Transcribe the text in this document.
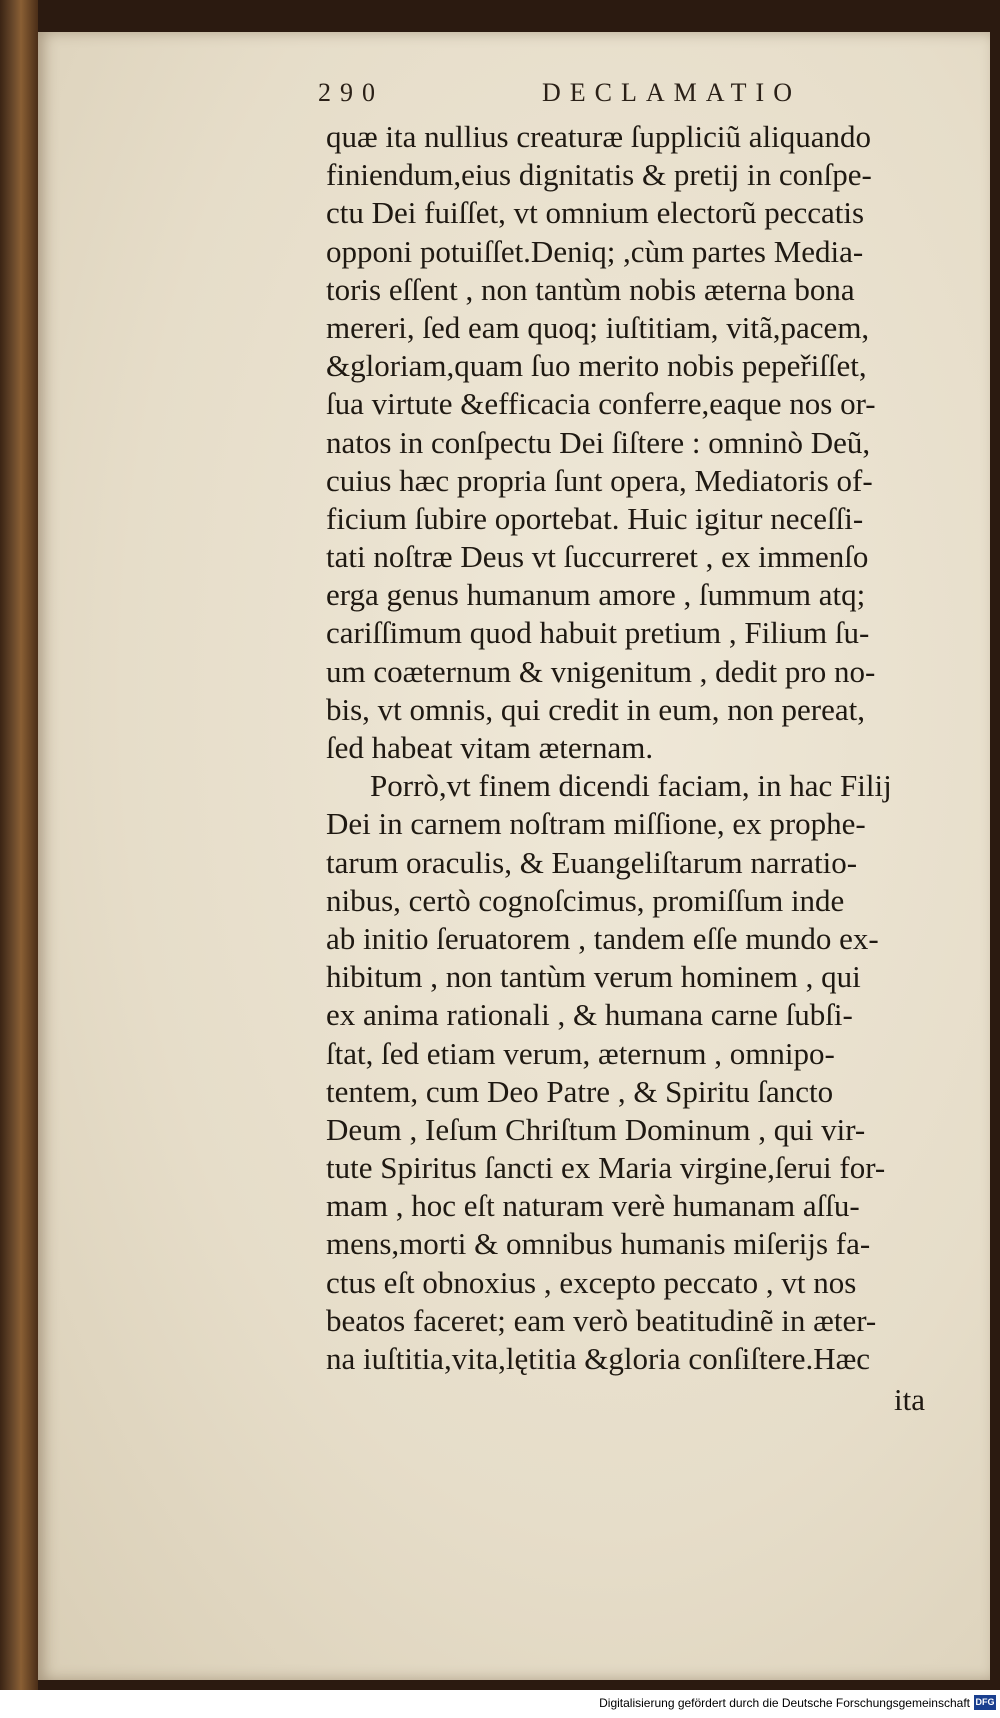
290	DECLAMATIO
quæ ita nullius creaturæ ſuppliciũ aliquando
finiendum,eius dignitatis & pretij in conſpe-
ctu Dei fuiſſet, vt omnium electorũ peccatis
opponi potuiſſet.Deniq; ,cùm partes Media-
toris eſſent , non tantùm nobis æterna bona
mereri, ſed eam quoq; iuſtitiam, vitã,pacem,
&gloriam,quam ſuo merito nobis pepeřiſſet,
ſua virtute &efficacia conferre,eaque nos or-
natos in conſpectu Dei ſiſtere : omninò Deũ,
cuius hæc propria ſunt opera, Mediatoris of-
ficium ſubire oportebat. Huic igitur neceſſi-
tati noſtræ Deus vt ſuccurreret , ex immenſo
erga genus humanum amore , ſummum atq;
cariſſimum quod habuit pretium , Filium ſu-
um coæternum & vnigenitum , dedit pro no-
bis, vt omnis, qui credit in eum, non pereat,
ſed habeat vitam æternam.
Porrò,vt finem dicendi faciam, in hac Filij
Dei in carnem noſtram miſſione, ex prophe-
tarum oraculis, & Euangeliſtarum narratio-
nibus, certò cognoſcimus, promiſſum inde
ab initio ſeruatorem , tandem eſſe mundo ex-
hibitum , non tantùm verum hominem , qui
ex anima rationali , & humana carne ſubſi-
ſtat, ſed etiam verum, æternum , omnipo-
tentem, cum Deo Patre , & Spiritu ſancto
Deum , Ieſum Chriſtum Dominum , qui vir-
tute Spiritus ſancti ex Maria virgine,ſerui for-
mam , hoc eſt naturam verè humanam aſſu-
mens,morti & omnibus humanis miſerijs fa-
ctus eſt obnoxius , excepto peccato , vt nos
beatos faceret; eam verò beatitudinẽ in æter-
na iuſtitia,vita,lętitia &gloria conſiſtere.Hæc
ita
Digitalisierung gefördert durch die Deutsche Forschungsgemeinschaft DFG
